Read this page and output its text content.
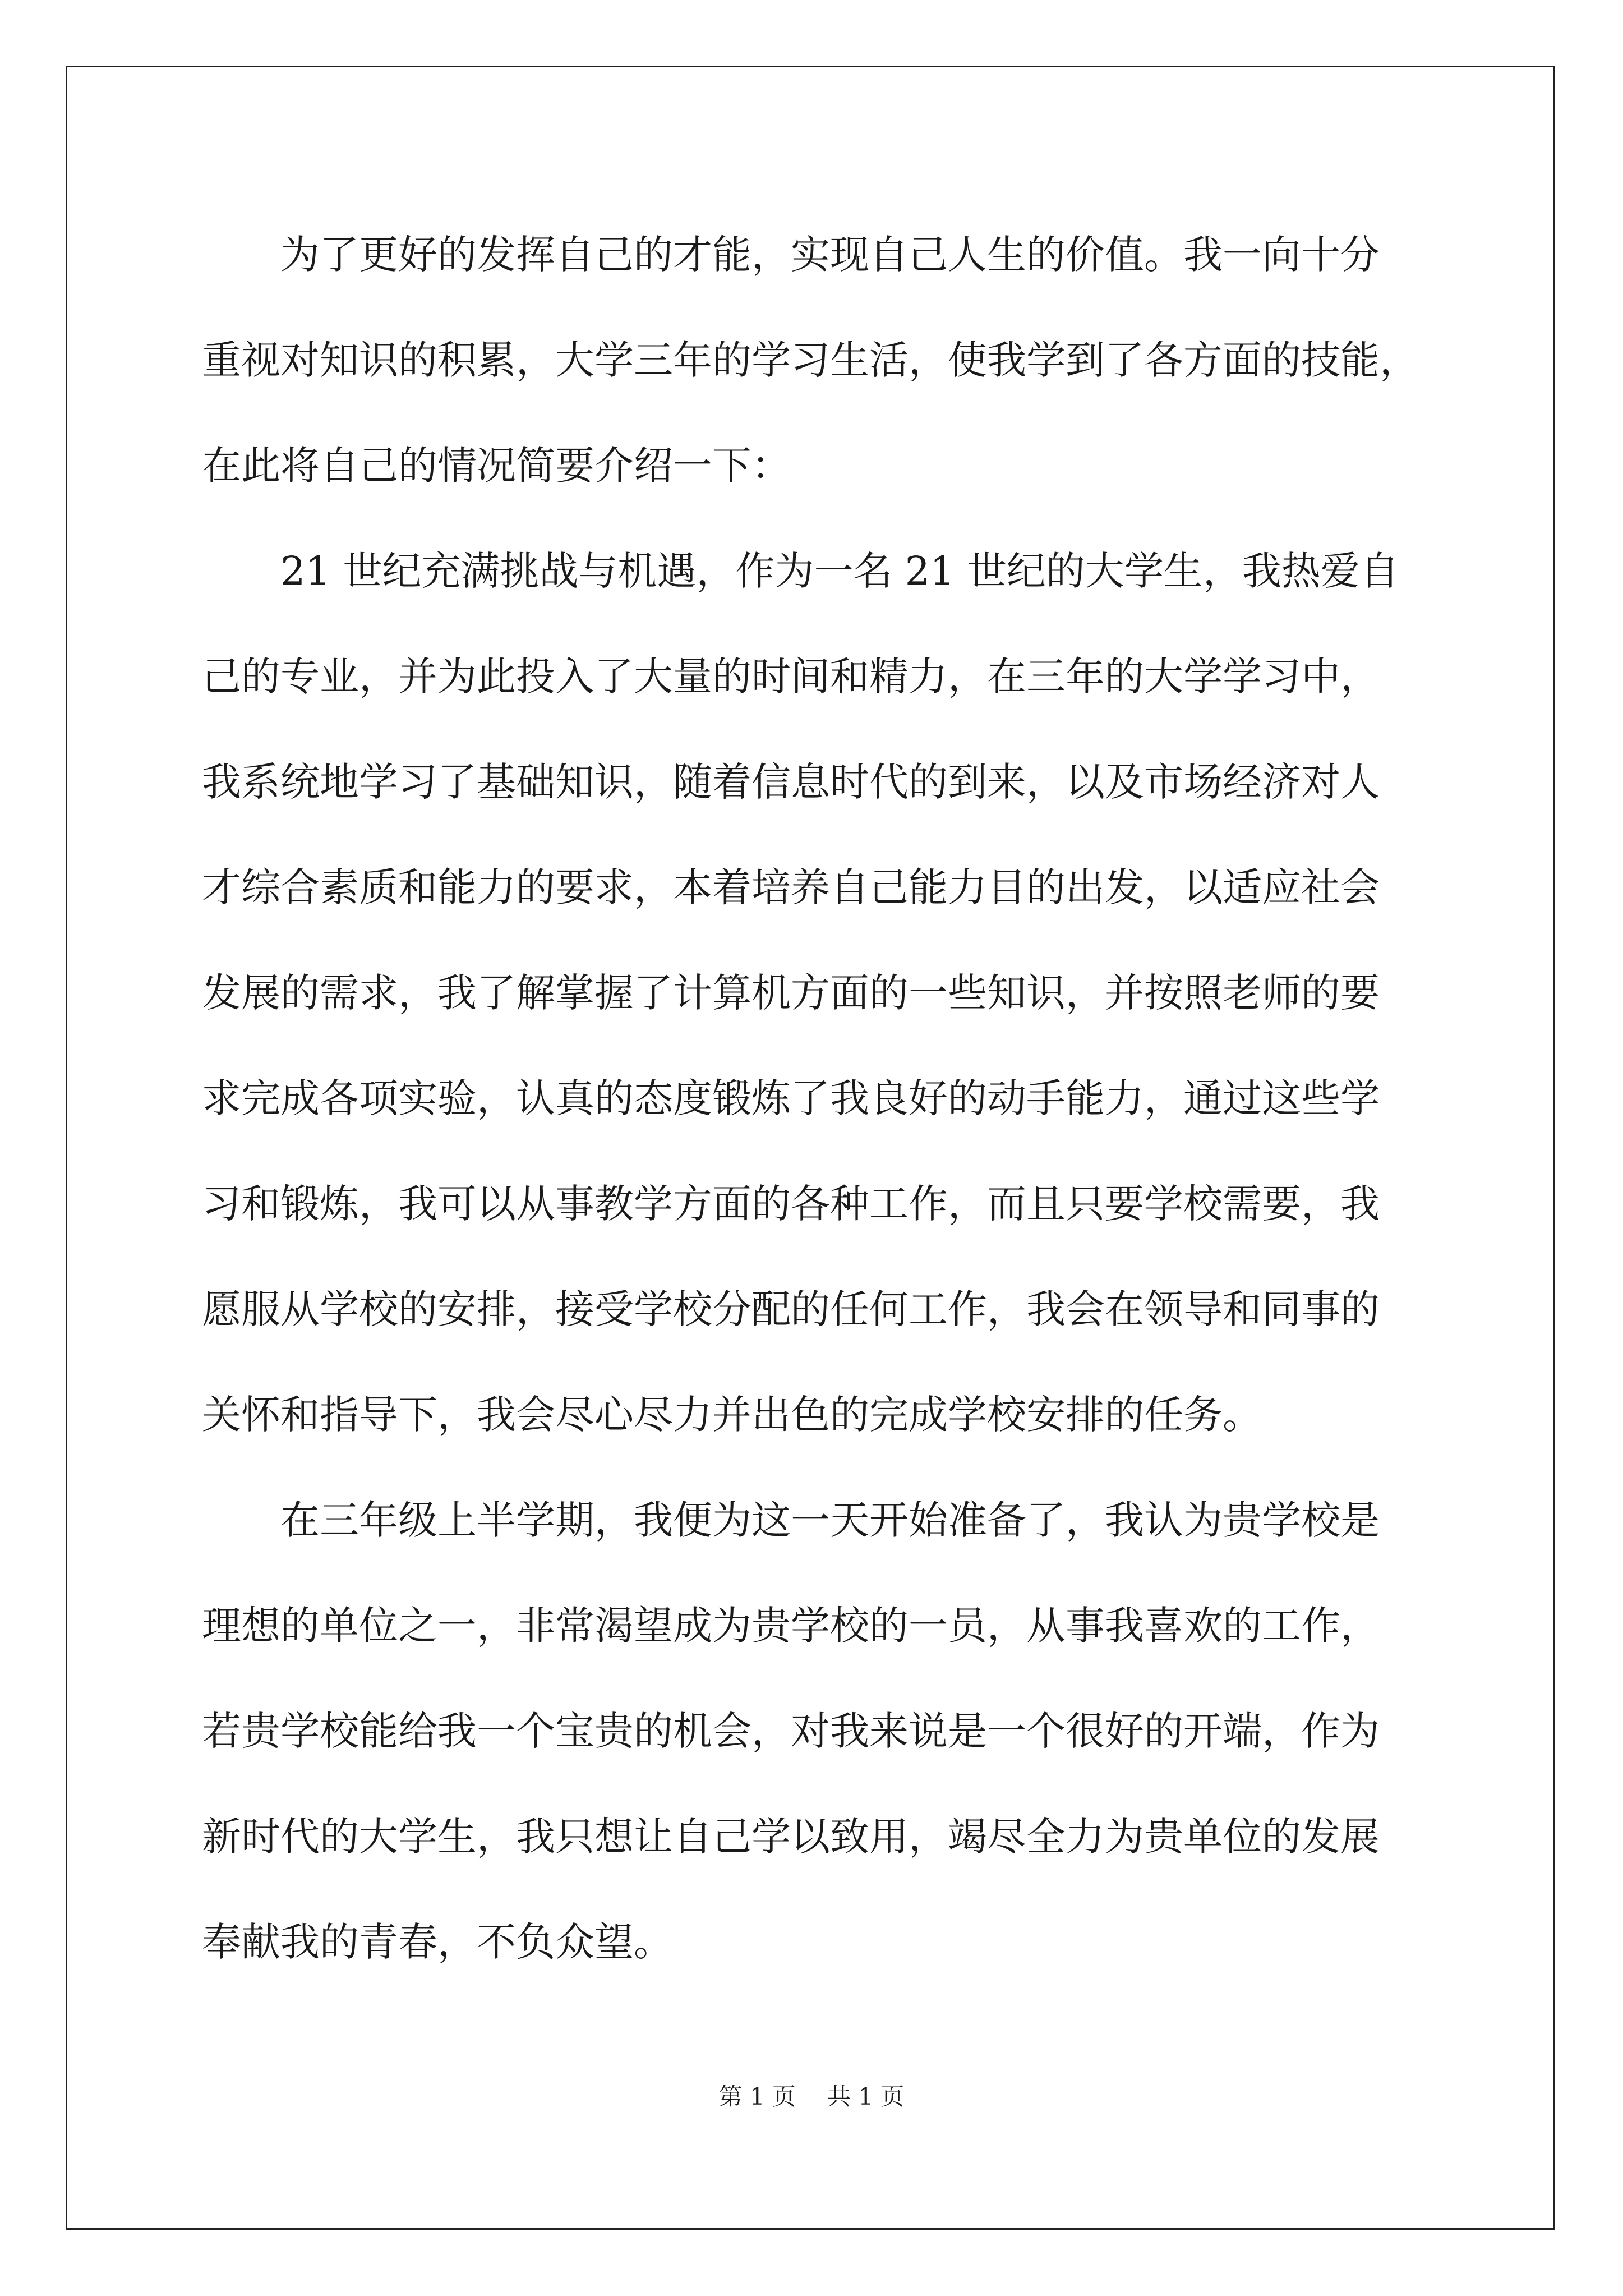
为了更好的发挥自己的才能，实现自己人生的价值。我一向十分
重视对知识的积累，大学三年的学习生活，使我学到了各方面的技能，
在此将自己的情况简要介绍一下：

21 世纪充满挑战与机遇，作为一名 21 世纪的大学生，我热爱自
己的专业，并为此投入了大量的时间和精力，在三年的大学学习中，
我系统地学习了基础知识，随着信息时代的到来，以及市场经济对人
才综合素质和能力的要求，本着培养自己能力目的出发，以适应社会
发展的需求，我了解掌握了计算机方面的一些知识，并按照老师的要
求完成各项实验，认真的态度锻炼了我良好的动手能力，通过这些学
习和锻炼，我可以从事教学方面的各种工作，而且只要学校需要，我
愿服从学校的安排，接受学校分配的任何工作，我会在领导和同事的
关怀和指导下，我会尽心尽力并出色的完成学校安排的任务。

在三年级上半学期，我便为这一天开始准备了，我认为贵学校是
理想的单位之一，非常渴望成为贵学校的一员，从事我喜欢的工作，
若贵学校能给我一个宝贵的机会，对我来说是一个很好的开端，作为
新时代的大学生，我只想让自己学以致用，竭尽全力为贵单位的发展
奉献我的青春，不负众望。

第 1 页 共 1 页
